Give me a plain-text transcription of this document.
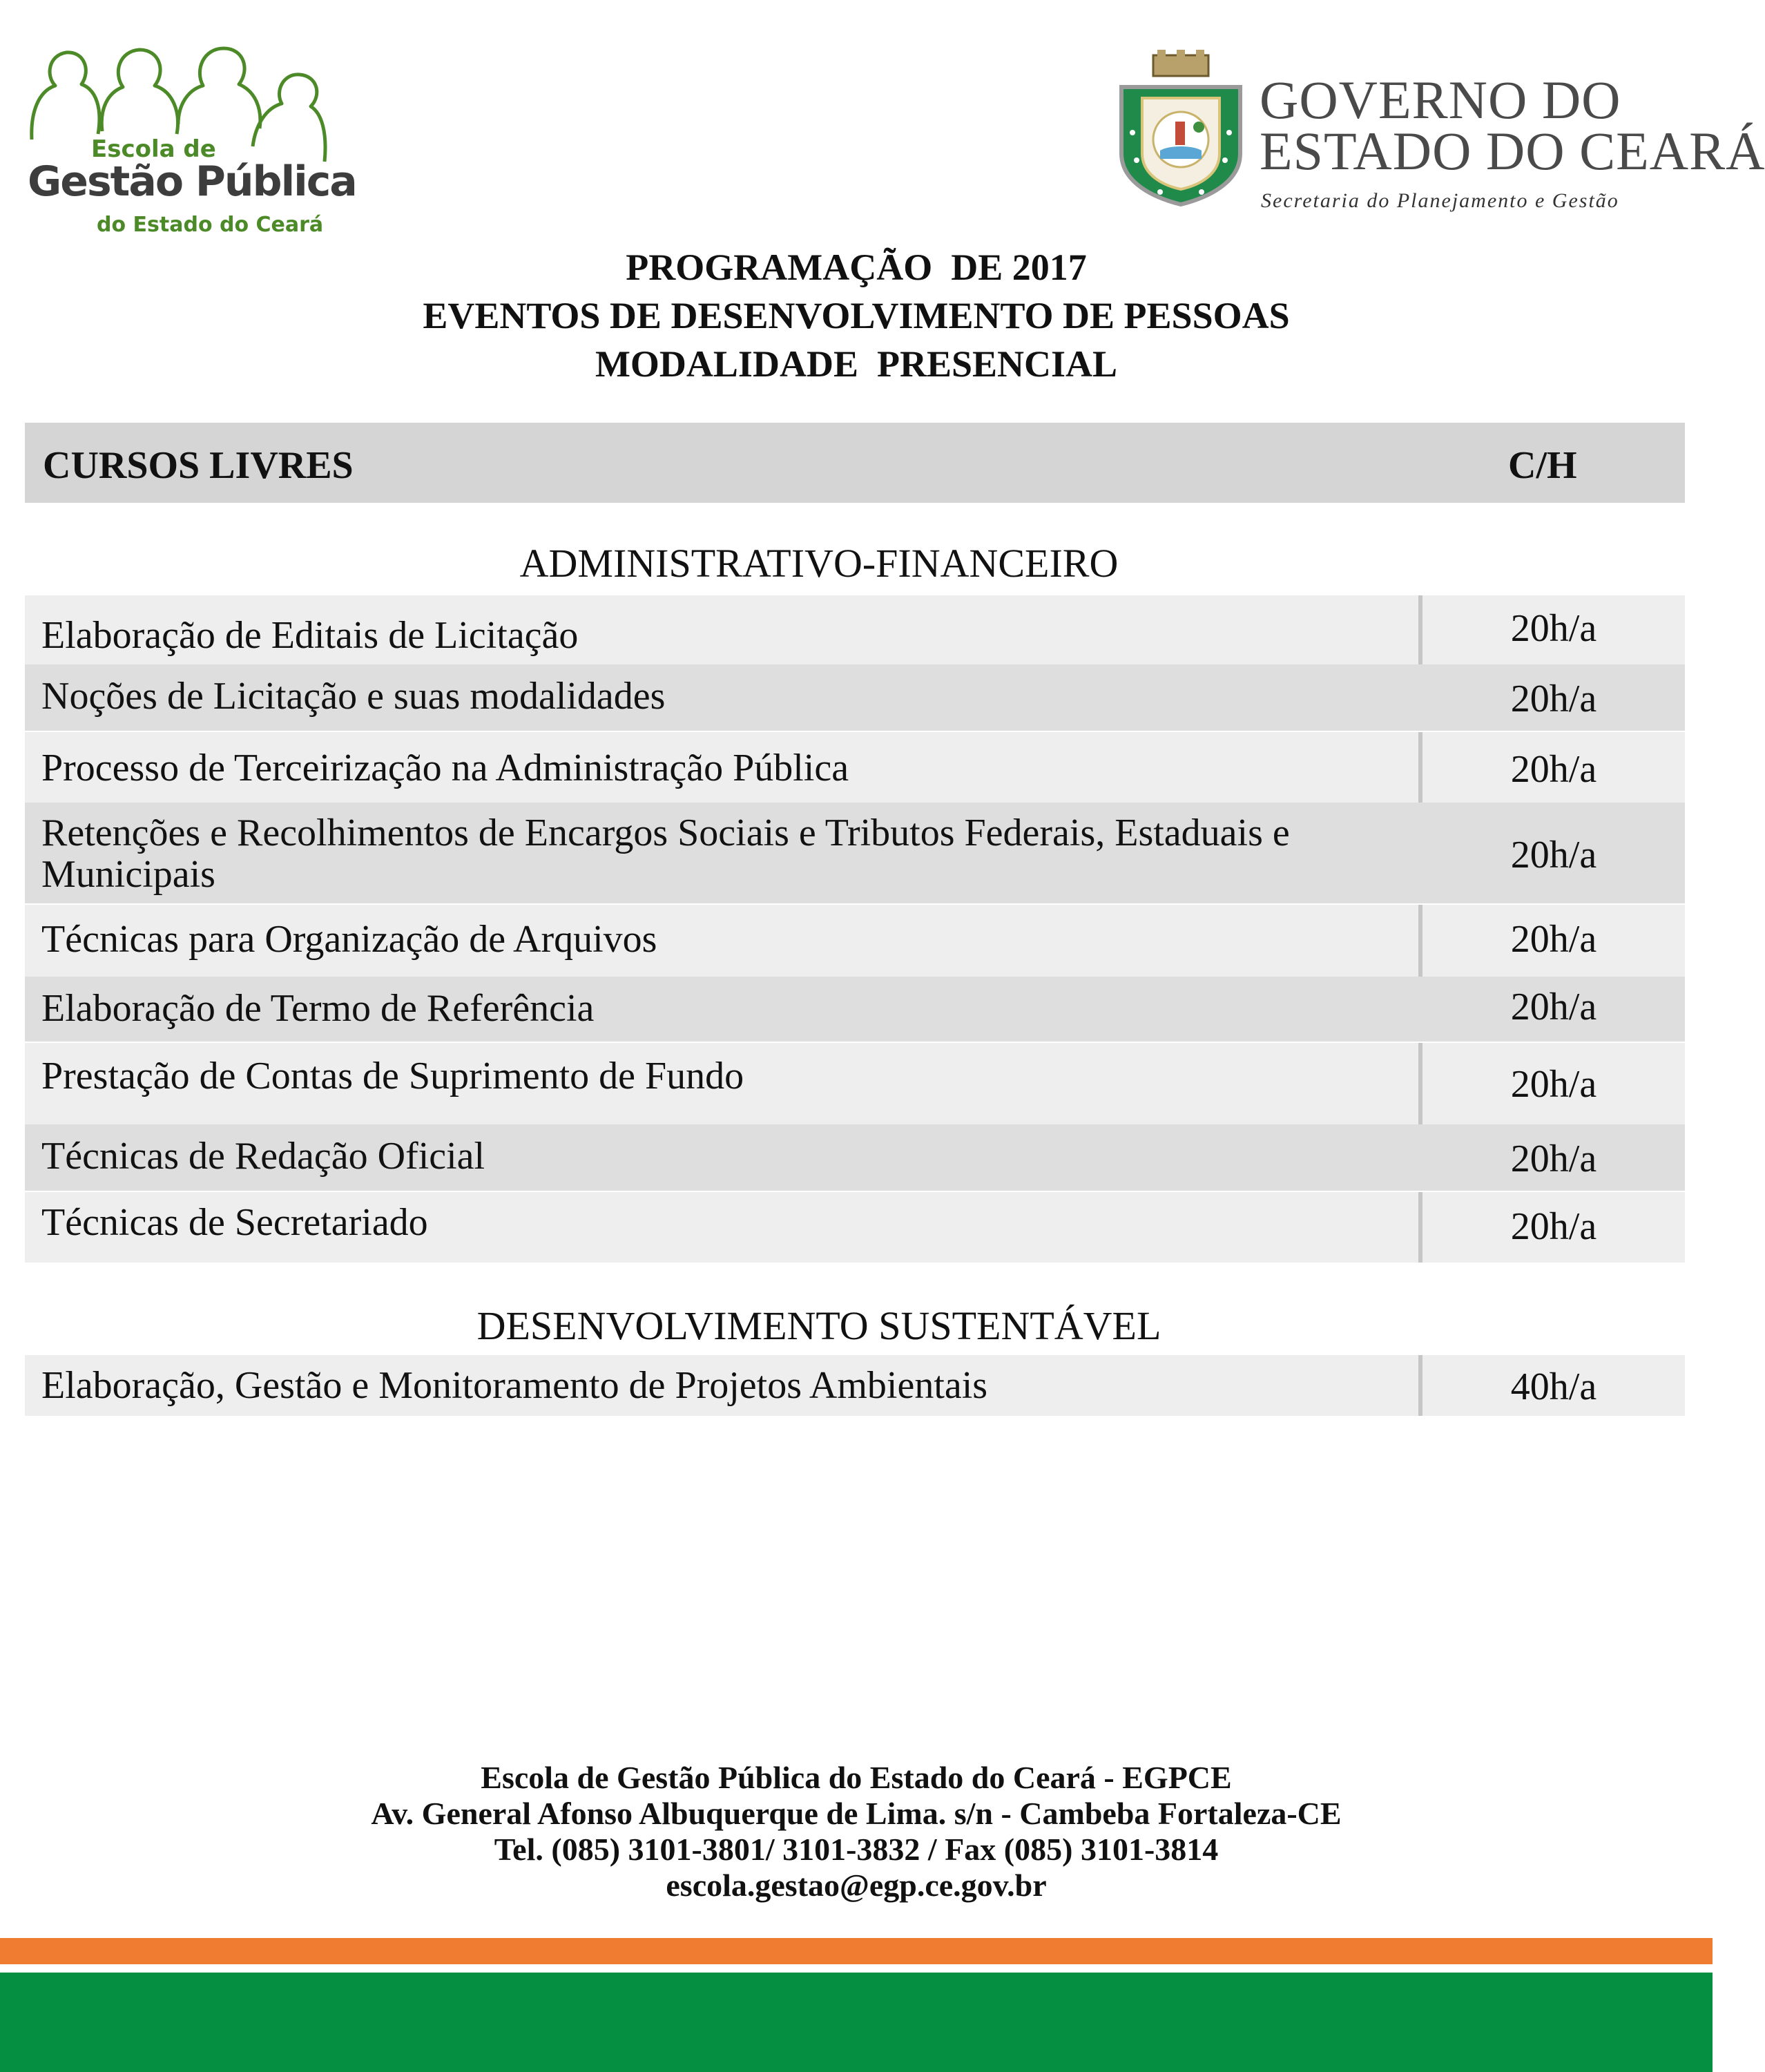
Escola de
Gestão Pública
do Estado do Ceará
GOVERNO DO
ESTADO DO CEARÁ
Secretaria do Planejamento e Gestão
PROGRAMAÇÃO  DE 2017
EVENTOS DE DESENVOLVIMENTO DE PESSOAS
MODALIDADE  PRESENCIAL
CURSOS LIVRES	C/H
ADMINISTRATIVO-FINANCEIRO
Elaboração de Editais de Licitação	20h/a
Noções de Licitação e suas modalidades	20h/a
Processo de Terceirização na Administração Pública	20h/a
Retenções e Recolhimentos de Encargos Sociais e Tributos Federais, Estaduais e Municipais	20h/a
Técnicas para Organização de Arquivos	20h/a
Elaboração de Termo de Referência	20h/a
Prestação de Contas de Suprimento de Fundo	20h/a
Técnicas de Redação Oficial	20h/a
Técnicas de Secretariado	20h/a
DESENVOLVIMENTO SUSTENTÁVEL
Elaboração, Gestão e Monitoramento de Projetos Ambientais	40h/a
Escola de Gestão Pública do Estado do Ceará - EGPCE
Av. General Afonso Albuquerque de Lima. s/n - Cambeba Fortaleza-CE
Tel. (085) 3101-3801/ 3101-3832 / Fax (085) 3101-3814
escola.gestao@egp.ce.gov.br
